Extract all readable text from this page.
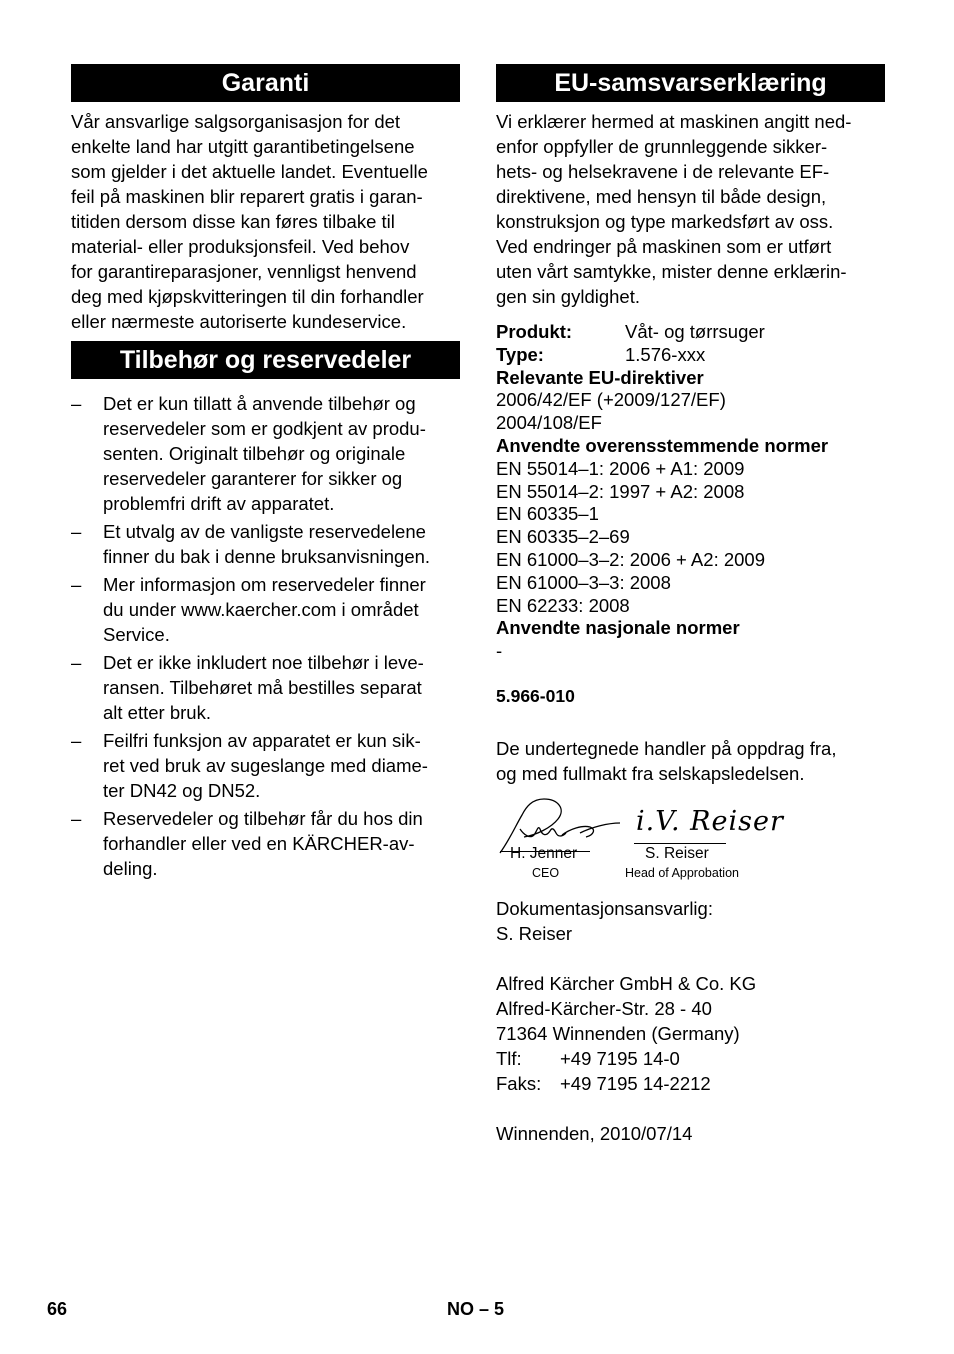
Garanti

Vår ansvarlige salgsorganisasjon for det
enkelte land har utgitt garantibetingelsene
som gjelder i det aktuelle landet. Eventuelle
feil på maskinen blir reparert gratis i garan-
titiden dersom disse kan føres tilbake til
material- eller produksjonsfeil. Ved behov
for garantireparasjoner, vennligst henvend
deg med kjøpskvitteringen til din forhandler
eller nærmeste autoriserte kundeservice.

Tilbehør og reservedeler
– Det er kun tillatt å anvende tilbehør og
reservedeler som er godkjent av produ-
senten. Originalt tilbehør og originale
reservedeler garanterer for sikker og
problemfri drift av apparatet.
– Et utvalg av de vanligste reservedelene
finner du bak i denne bruksanvisningen.
– Mer informasjon om reservedeler finner
du under www.kaercher.com i området
Service.
– Det er ikke inkludert noe tilbehør i leve-
ransen. Tilbehøret må bestilles separat
alt etter bruk.
– Feilfri funksjon av apparatet er kun sik-
ret ved bruk av sugeslange med diame-
ter DN42 og DN52.
– Reservedeler og tilbehør får du hos din
forhandler eller ved en KÄRCHER-av-
deling.
EU-samsvarserklæring

Vi erklærer hermed at maskinen angitt ned-
enfor oppfyller de grunnleggende sikker-
hets- og helsekravene i de relevante EF-
direktivene, med hensyn til både design,
konstruksjon og type markedsført av oss.
Ved endringer på maskinen som er utført
uten vårt samtykke, mister denne erklærin-
gen sin gyldighet.

Produkt:	Våt- og tørrsuger
Type:	1.576-xxx
Relevante EU-direktiver
2006/42/EF (+2009/127/EF)
2004/108/EF
Anvendte overensstemmende normer
EN 55014–1: 2006 + A1: 2009
EN 55014–2: 1997 + A2: 2008
EN 60335–1
EN 60335–2–69
EN 61000–3–2: 2006 + A2: 2009
EN 61000–3–3: 2008
EN 62233: 2008
Anvendte nasjonale normer
-
5.966-010
De undertegnede handler på oppdrag fra,
og med fullmakt fra selskapsledelsen.
H. Jenner
CEO
i.V. Reiser
S. Reiser
Head of Approbation
Dokumentasjonsansvarlig:
S. Reiser
Alfred Kärcher GmbH & Co. KG
Alfred-Kärcher-Str. 28 - 40
71364 Winnenden (Germany)
Tlf: +49 7195 14-0
Faks: +49 7195 14-2212
Winnenden, 2010/07/14
66	NO – 5
